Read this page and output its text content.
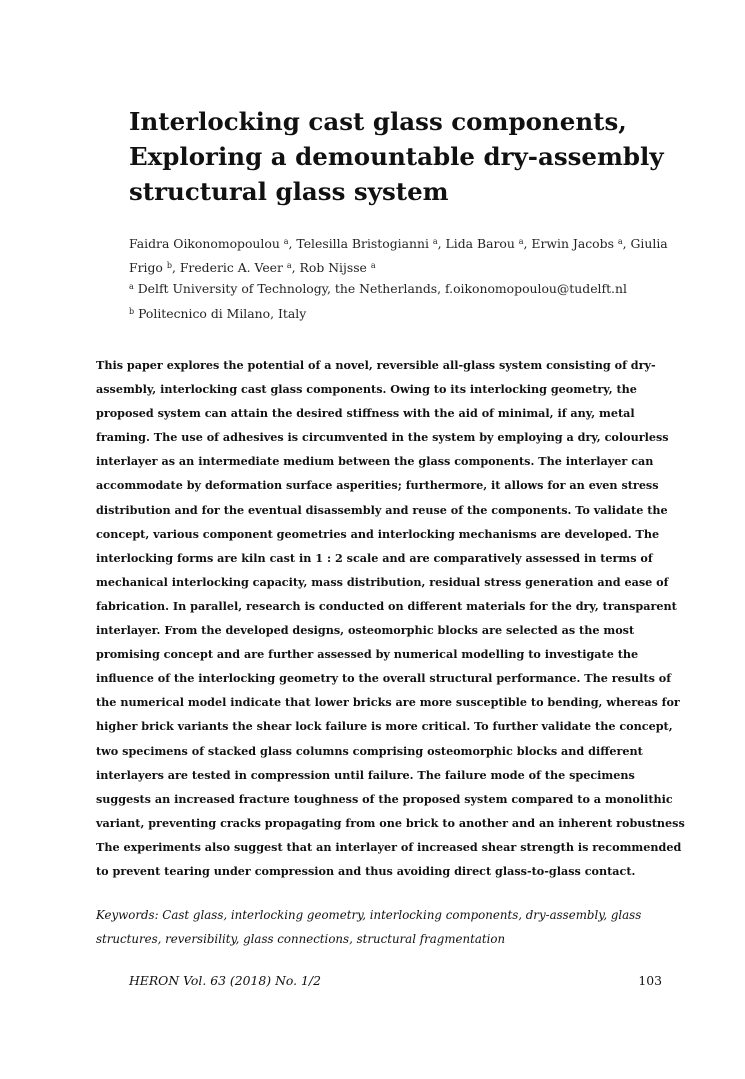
Interlocking cast glass components,
Exploring a demountable dry-assembly
structural glass system
Faidra Oikonomopoulou $^a$, Telesilla Bristogianni $^a$, Lida Barou $^a$, Erwin Jacobs $^a$, Giulia
Frigo $^b$, Frederic A. Veer $^a$, Rob Nijsse $^a$
$^a$ Delft University of Technology, the Netherlands, f.oikonomopoulou@tudelft.nl
$^b$ Politecnico di Milano, Italy
This paper explores the potential of a novel, reversible all-glass system consisting of dry-
assembly, interlocking cast glass components. Owing to its interlocking geometry, the
proposed system can attain the desired stiffness with the aid of minimal, if any, metal
framing. The use of adhesives is circumvented in the system by employing a dry, colourless
interlayer as an intermediate medium between the glass components. The interlayer can
accommodate by deformation surface asperities; furthermore, it allows for an even stress
distribution and for the eventual disassembly and reuse of the components. To validate the
concept, various component geometries and interlocking mechanisms are developed. The
interlocking forms are kiln cast in 1 : 2 scale and are comparatively assessed in terms of
mechanical interlocking capacity, mass distribution, residual stress generation and ease of
fabrication. In parallel, research is conducted on different materials for the dry, transparent
interlayer. From the developed designs, osteomorphic blocks are selected as the most
promising concept and are further assessed by numerical modelling to investigate the
influence of the interlocking geometry to the overall structural performance. The results of
the numerical model indicate that lower bricks are more susceptible to bending, whereas for
higher brick variants the shear lock failure is more critical. To further validate the concept,
two specimens of stacked glass columns comprising osteomorphic blocks and different
interlayers are tested in compression until failure. The failure mode of the specimens
suggests an increased fracture toughness of the proposed system compared to a monolithic
variant, preventing cracks propagating from one brick to another and an inherent robustness
The experiments also suggest that an interlayer of increased shear strength is recommended
to prevent tearing under compression and thus avoiding direct glass-to-glass contact.
Keywords: Cast glass, interlocking geometry, interlocking components, dry-assembly, glass
structures, reversibility, glass connections, structural fragmentation
HERON Vol. 63 (2018) No. 1/2	103
